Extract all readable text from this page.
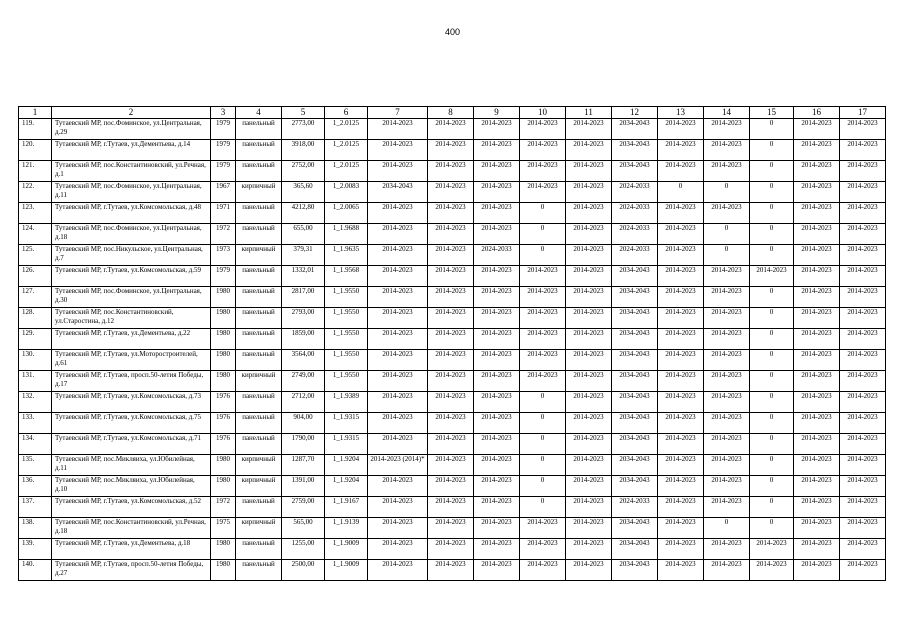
400
1	2	3	4	5	6	7	8	9	10	11	12	13	14	15	16	17
119.	Тутаевский МР, пос.Фоминское, ул.Центральная, д.29	1979	панельный	2773,00	1_2.0125	2014-2023	2014-2023	2014-2023	2014-2023	2014-2023	2034-2043	2014-2023	2014-2023	0	2014-2023	2014-2023
120.	Тутаевский МР, г.Тутаев, ул.Дементьева, д.14	1979	панельный	3918,00	1_2.0125	2014-2023	2014-2023	2014-2023	2014-2023	2014-2023	2034-2043	2014-2023	2014-2023	0	2014-2023	2014-2023
121.	Тутаевский МР, пос.Константиновский, ул.Речная, д.1	1979	панельный	2752,00	1_2.0125	2014-2023	2014-2023	2014-2023	2014-2023	2014-2023	2034-2043	2014-2023	2014-2023	0	2014-2023	2014-2023
122.	Тутаевский МР, пос.Фоминское, ул.Центральная, д.11	1967	кирпичный	365,60	1_2.0083	2034-2043	2014-2023	2014-2023	2014-2023	2014-2023	2024-2033	0	0	0	2014-2023	2014-2023
123.	Тутаевский МР, г.Тутаев, ул.Комсомольская, д.48	1971	панельный	4212,80	1_2.0065	2014-2023	2014-2023	2014-2023	0	2014-2023	2024-2033	2014-2023	2014-2023	0	2014-2023	2014-2023
124.	Тутаевский МР, пос.Фоминское, ул.Центральная, д.18	1972	панельный	655,00	1_1.9688	2014-2023	2014-2023	2014-2023	0	2014-2023	2024-2033	2014-2023	0	0	2014-2023	2014-2023
125.	Тутаевский МР, пос.Никульское, ул.Центральная, д.7	1973	кирпичный	379,31	1_1.9635	2014-2023	2014-2023	2024-2033	0	2014-2023	2024-2033	2014-2023	0	0	2014-2023	2014-2023
126.	Тутаевский МР, г.Тутаев, ул.Комсомольская, д.59	1979	панельный	1332,01	1_1.9568	2014-2023	2014-2023	2014-2023	2014-2023	2014-2023	2034-2043	2014-2023	2014-2023	2014-2023	2014-2023	2014-2023
127.	Тутаевский МР, пос.Фоминское, ул.Центральная, д.30	1980	панельный	2817,00	1_1.9550	2014-2023	2014-2023	2014-2023	2014-2023	2014-2023	2034-2043	2014-2023	2014-2023	0	2014-2023	2014-2023
128.	Тутаевский МР, пос.Константиновский, ул.Старостина, д.12	1980	панельный	2793,00	1_1.9550	2014-2023	2014-2023	2014-2023	2014-2023	2014-2023	2034-2043	2014-2023	2014-2023	0	2014-2023	2014-2023
129.	Тутаевский МР, г.Тутаев, ул.Дементьева, д.22	1980	панельный	1859,00	1_1.9550	2014-2023	2014-2023	2014-2023	2014-2023	2014-2023	2034-2043	2014-2023	2014-2023	0	2014-2023	2014-2023
130.	Тутаевский МР, г.Тутаев, ул.Моторостроителей, д.61	1980	панельный	3564,00	1_1.9550	2014-2023	2014-2023	2014-2023	2014-2023	2014-2023	2034-2043	2014-2023	2014-2023	0	2014-2023	2014-2023
131.	Тутаевский МР, г.Тутаев, просп.50-летия Победы, д.17	1980	кирпичный	2749,00	1_1.9550	2014-2023	2014-2023	2014-2023	2014-2023	2014-2023	2034-2043	2014-2023	2014-2023	0	2014-2023	2014-2023
132.	Тутаевский МР, г.Тутаев, ул.Комсомольская, д.73	1976	панельный	2712,00	1_1.9389	2014-2023	2014-2023	2014-2023	0	2014-2023	2034-2043	2014-2023	2014-2023	0	2014-2023	2014-2023
133.	Тутаевский МР, г.Тутаев, ул.Комсомольская, д.75	1976	панельный	904,00	1_1.9315	2014-2023	2014-2023	2014-2023	0	2014-2023	2034-2043	2014-2023	2014-2023	0	2014-2023	2014-2023
134.	Тутаевский МР, г.Тутаев, ул.Комсомольская, д.71	1976	панельный	1790,00	1_1.9315	2014-2023	2014-2023	2014-2023	0	2014-2023	2034-2043	2014-2023	2014-2023	0	2014-2023	2014-2023
135.	Тутаевский МР, пос.Микляиха, ул.Юбилейная, д.11	1980	кирпичный	1287,70	1_1.9204	2014-2023 (2014)*	2014-2023	2014-2023	0	2014-2023	2034-2043	2014-2023	2014-2023	0	2014-2023	2014-2023
136.	Тутаевский МР, пос.Микляиха, ул.Юбилейная, д.10	1980	кирпичный	1391,00	1_1.9204	2014-2023	2014-2023	2014-2023	0	2014-2023	2034-2043	2014-2023	2014-2023	0	2014-2023	2014-2023
137.	Тутаевский МР, г.Тутаев, ул.Комсомольская, д.52	1972	панельный	2759,00	1_1.9167	2014-2023	2014-2023	2014-2023	0	2014-2023	2024-2033	2014-2023	2014-2023	0	2014-2023	2014-2023
138.	Тутаевский МР, пос.Константиновский, ул.Речная, д.18	1975	кирпичный	565,00	1_1.9139	2014-2023	2014-2023	2014-2023	2014-2023	2014-2023	2034-2043	2014-2023	0	0	2014-2023	2014-2023
139.	Тутаевский МР, г.Тутаев, ул.Дементьева, д.18	1980	панельный	1255,00	1_1.9009	2014-2023	2014-2023	2014-2023	2014-2023	2014-2023	2034-2043	2014-2023	2014-2023	2014-2023	2014-2023	2014-2023
140.	Тутаевский МР, г.Тутаев, просп.50-летия Победы, д.27	1980	панельный	2500,00	1_1.9009	2014-2023	2014-2023	2014-2023	2014-2023	2014-2023	2034-2043	2014-2023	2014-2023	2014-2023	2014-2023	2014-2023
